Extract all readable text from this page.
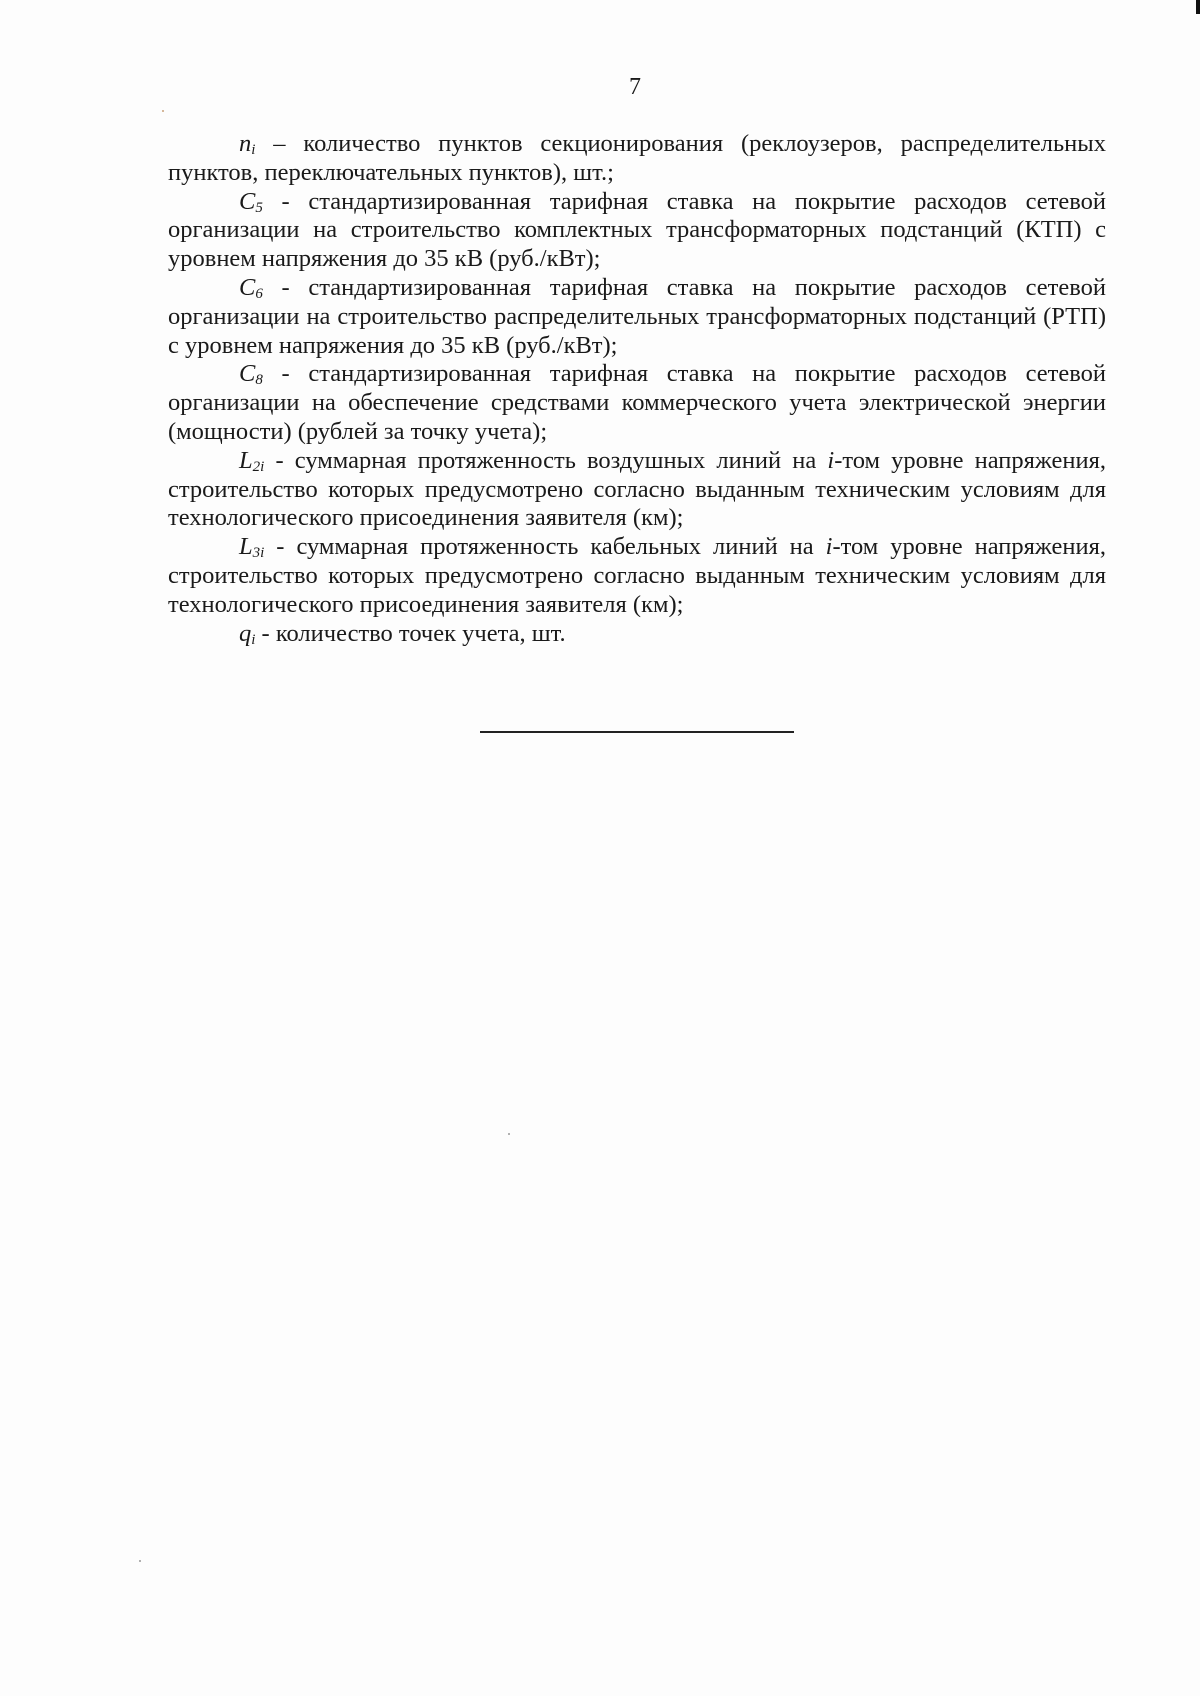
7

$n_i$ – количество пунктов секционирования (реклоузеров, распределительных пунктов, переключательных пунктов), шт.;

$C_5$ - стандартизированная тарифная ставка на покрытие расходов сетевой организации на строительство комплектных трансформаторных подстанций (КТП) с уровнем напряжения до 35 кВ (руб./кВт);

$C_6$ - стандартизированная тарифная ставка на покрытие расходов сетевой организации на строительство распределительных трансформаторных подстанций (РТП) с уровнем напряжения до 35 кВ (руб./кВт);

$C_8$ - стандартизированная тарифная ставка на покрытие расходов сетевой организации на обеспечение средствами коммерческого учета электрической энергии (мощности) (рублей за точку учета);

$L_{2i}$ - суммарная протяженность воздушных линий на i-том уровне напряжения, строительство которых предусмотрено согласно выданным техническим условиям для технологического присоединения заявителя (км);

$L_{3i}$ - суммарная протяженность кабельных линий на i-том уровне напряжения, строительство которых предусмотрено согласно выданным техническим условиям для технологического присоединения заявителя (км);

$q_i$ - количество точек учета, шт.
